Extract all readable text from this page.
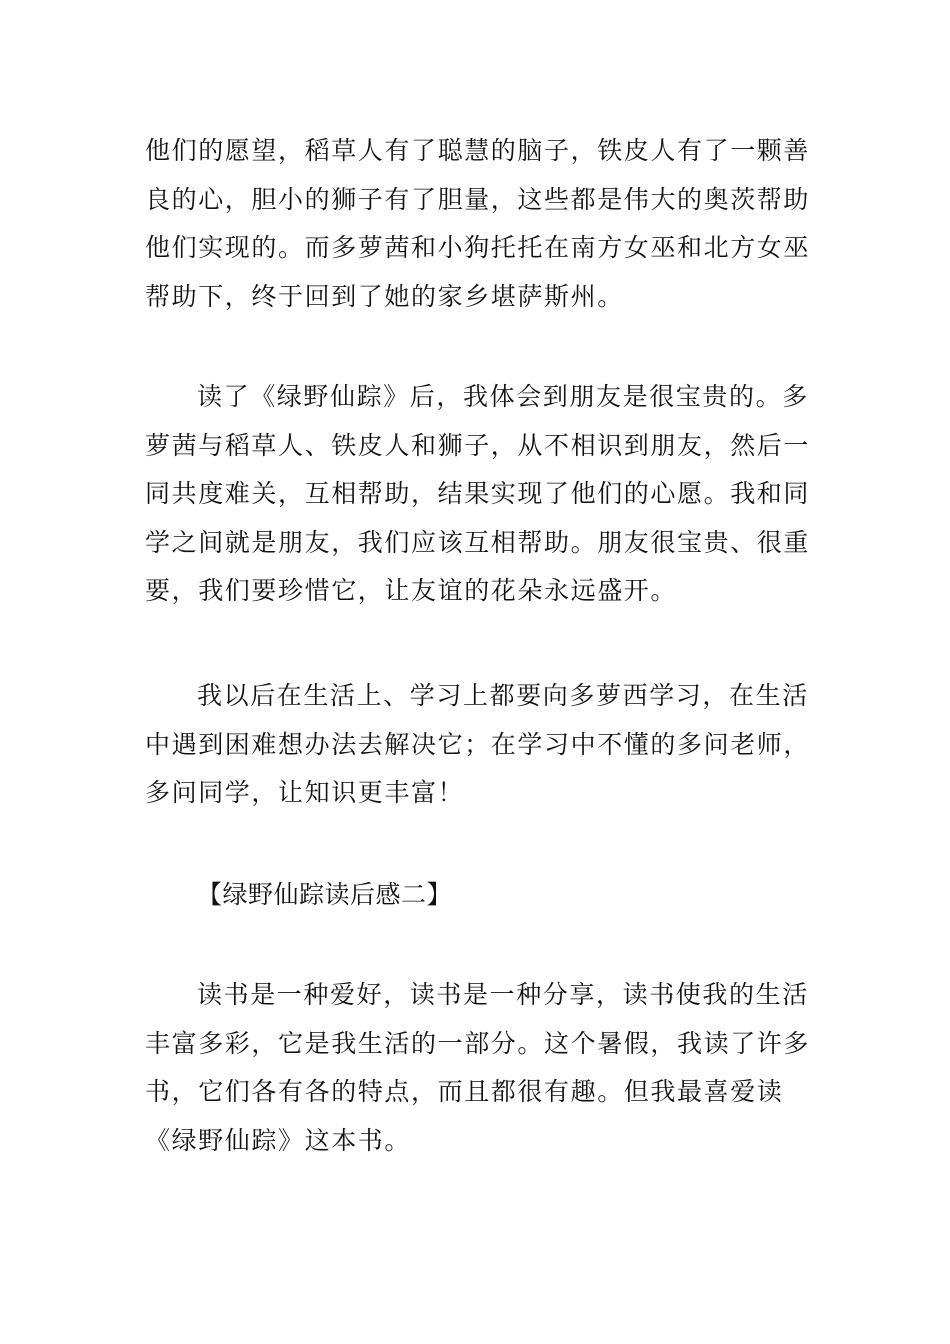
他们的愿望，稻草人有了聪慧的脑子，铁皮人有了一颗善
良的心，胆小的狮子有了胆量，这些都是伟大的奥茨帮助
他们实现的。而多萝茜和小狗托托在南方女巫和北方女巫
帮助下，终于回到了她的家乡堪萨斯州。
读了《绿野仙踪》后，我体会到朋友是很宝贵的。多
萝茜与稻草人、铁皮人和狮子，从不相识到朋友，然后一
同共度难关，互相帮助，结果实现了他们的心愿。我和同
学之间就是朋友，我们应该互相帮助。朋友很宝贵、很重
要，我们要珍惜它，让友谊的花朵永远盛开。
我以后在生活上、学习上都要向多萝西学习，在生活
中遇到困难想办法去解决它；在学习中不懂的多问老师，
多问同学，让知识更丰富！
【绿野仙踪读后感二】
读书是一种爱好，读书是一种分享，读书使我的生活
丰富多彩，它是我生活的一部分。这个暑假，我读了许多
书，它们各有各的特点，而且都很有趣。但我最喜爱读
《绿野仙踪》这本书。
